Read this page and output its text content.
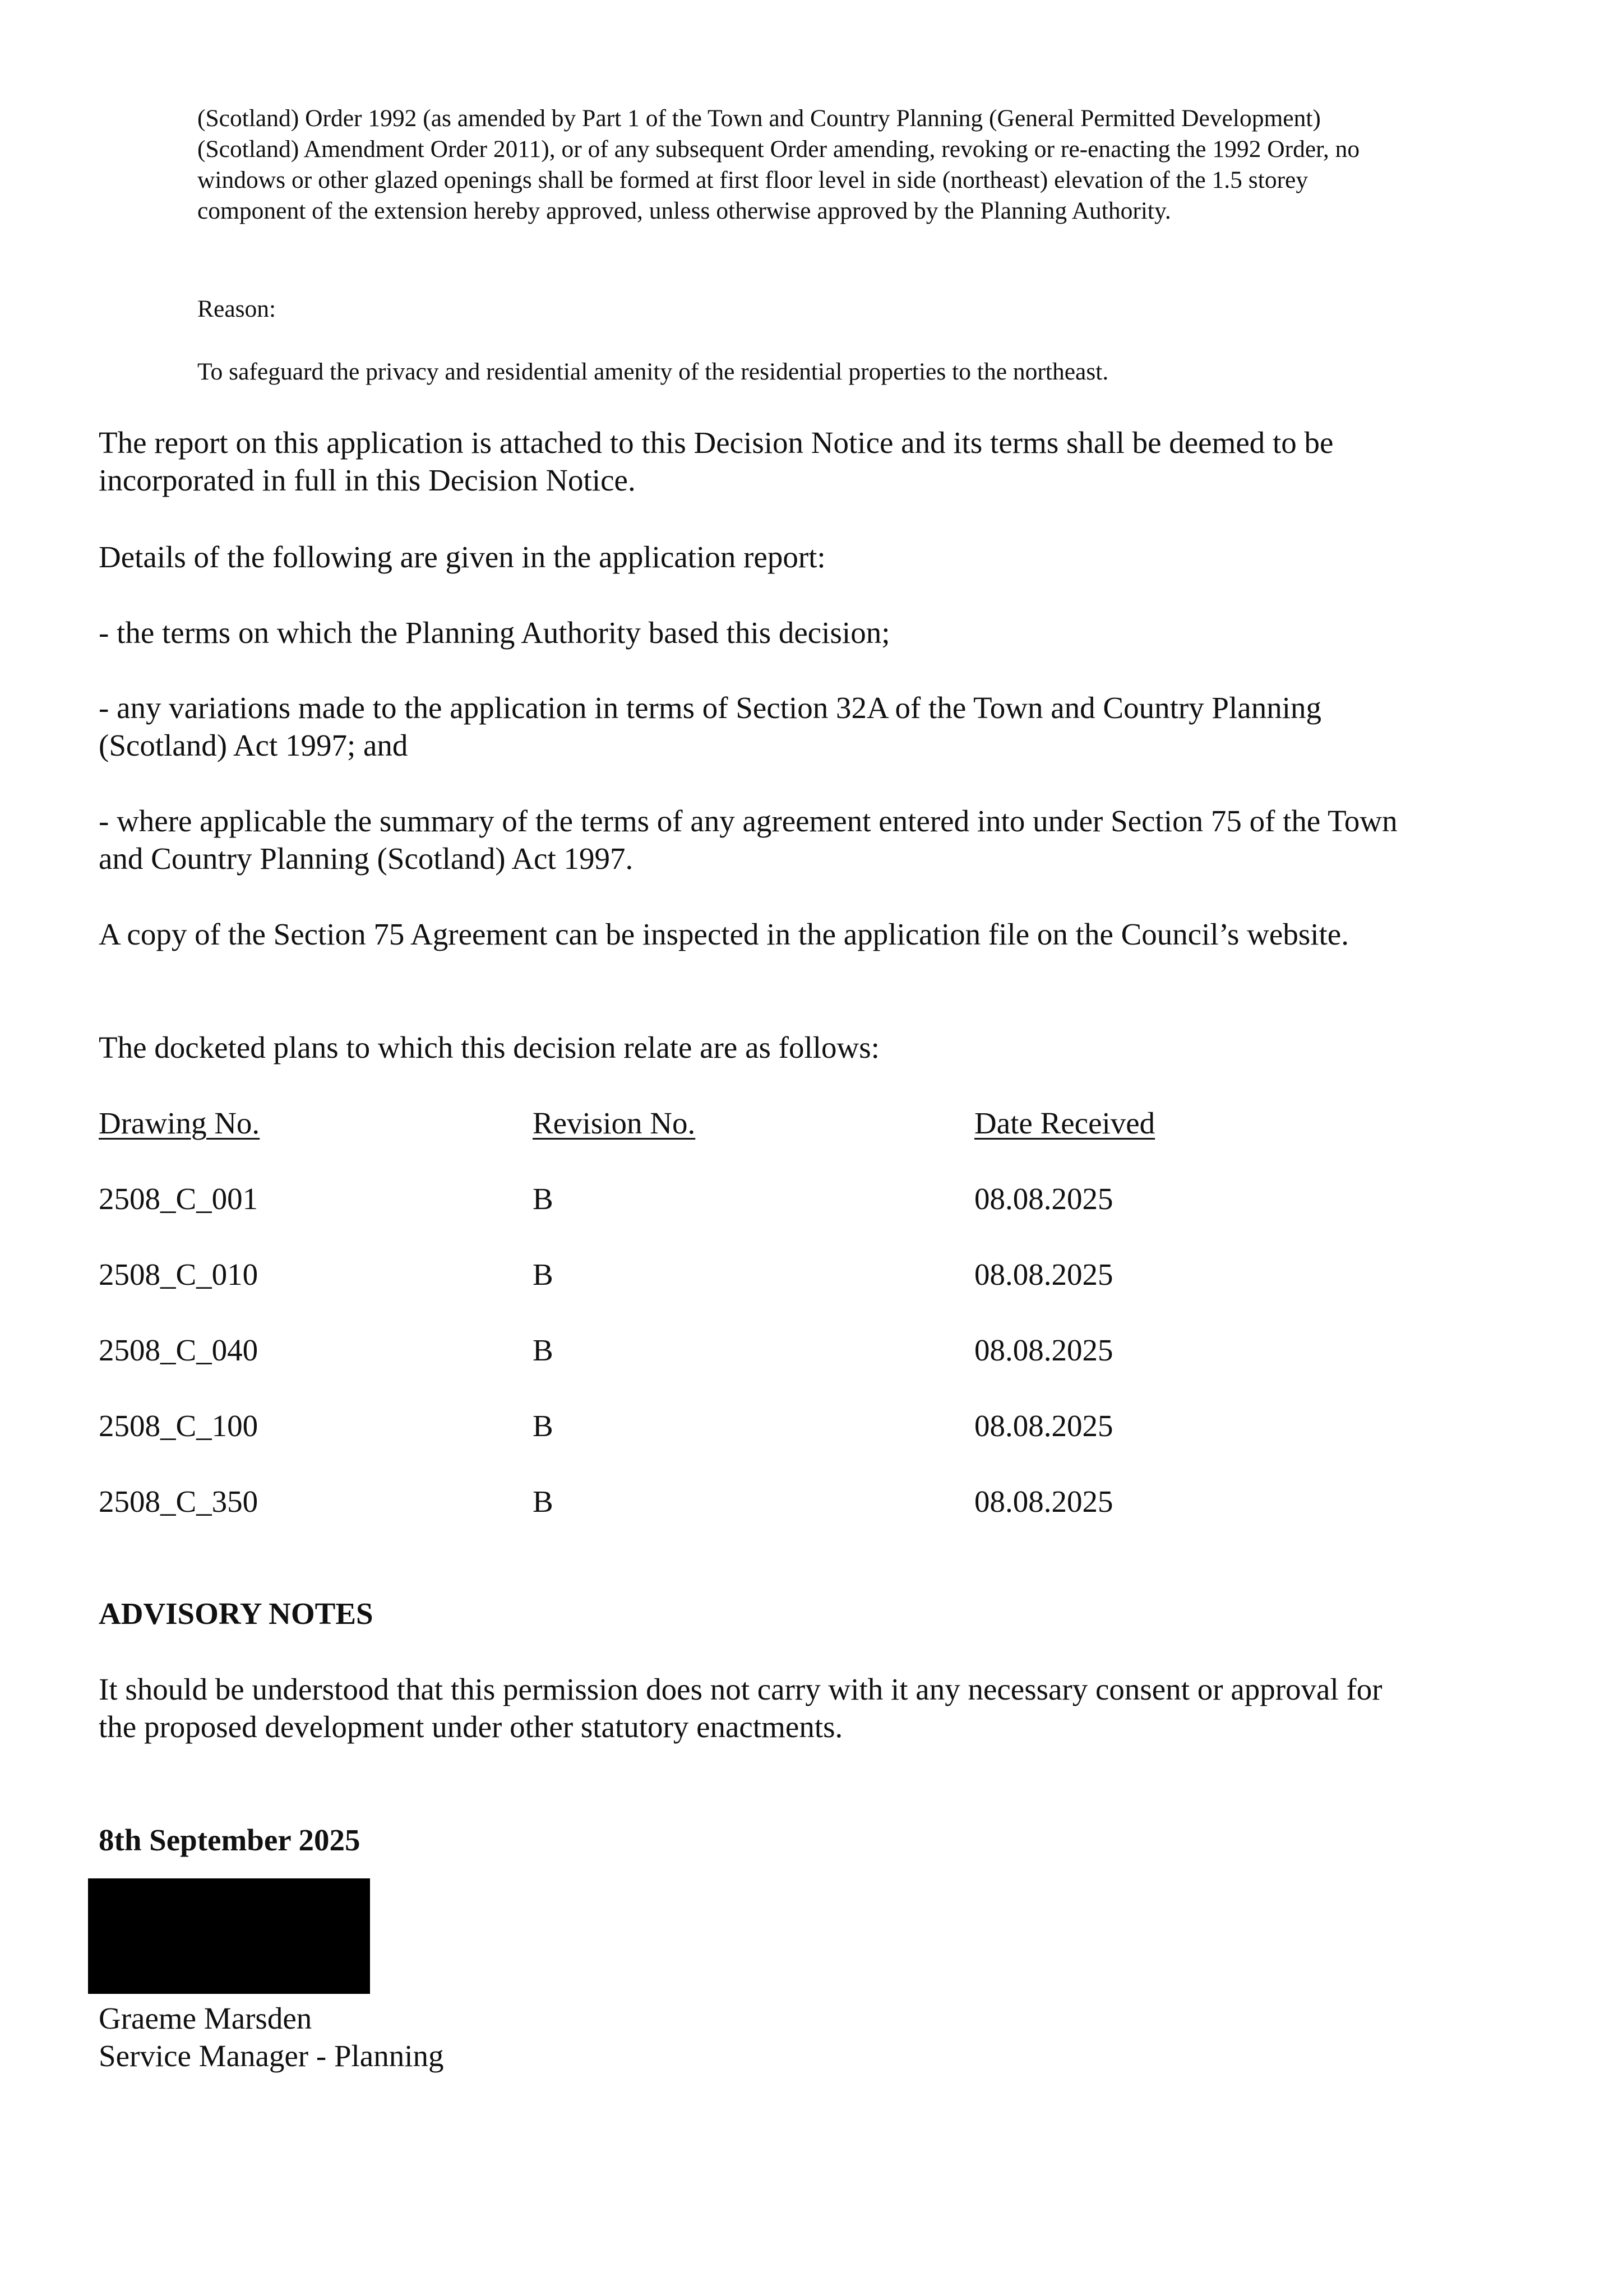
(Scotland) Order 1992 (as amended by Part 1 of the Town and Country Planning (General Permitted Development) (Scotland) Amendment Order 2011), or of any subsequent Order amending, revoking or re-enacting the 1992 Order, no windows or other glazed openings shall be formed at first floor level in side (northeast) elevation of the 1.5 storey component of the extension hereby approved, unless otherwise approved by the Planning Authority.

Reason:
To safeguard the privacy and residential amenity of the residential properties to the northeast.
The report on this application is attached to this Decision Notice and its terms shall be deemed to be incorporated in full in this Decision Notice.
Details of the following are given in the application report:
- the terms on which the Planning Authority based this decision;
- any variations made to the application in terms of Section 32A of the Town and Country Planning (Scotland) Act 1997; and
- where applicable the summary of the terms of any agreement entered into under Section 75 of the Town and Country Planning (Scotland) Act 1997.
A copy of the Section 75 Agreement can be inspected in the application file on the Council’s website.
The docketed plans to which this decision relate are as follows:
Drawing No.	Revision No.	Date Received
2508_C_001	B	08.08.2025
2508_C_010	B	08.08.2025
2508_C_040	B	08.08.2025
2508_C_100	B	08.08.2025
2508_C_350	B	08.08.2025
ADVISORY NOTES
It should be understood that this permission does not carry with it any necessary consent or approval for the proposed development under other statutory enactments.
8th September 2025
Graeme Marsden
Service Manager - Planning
